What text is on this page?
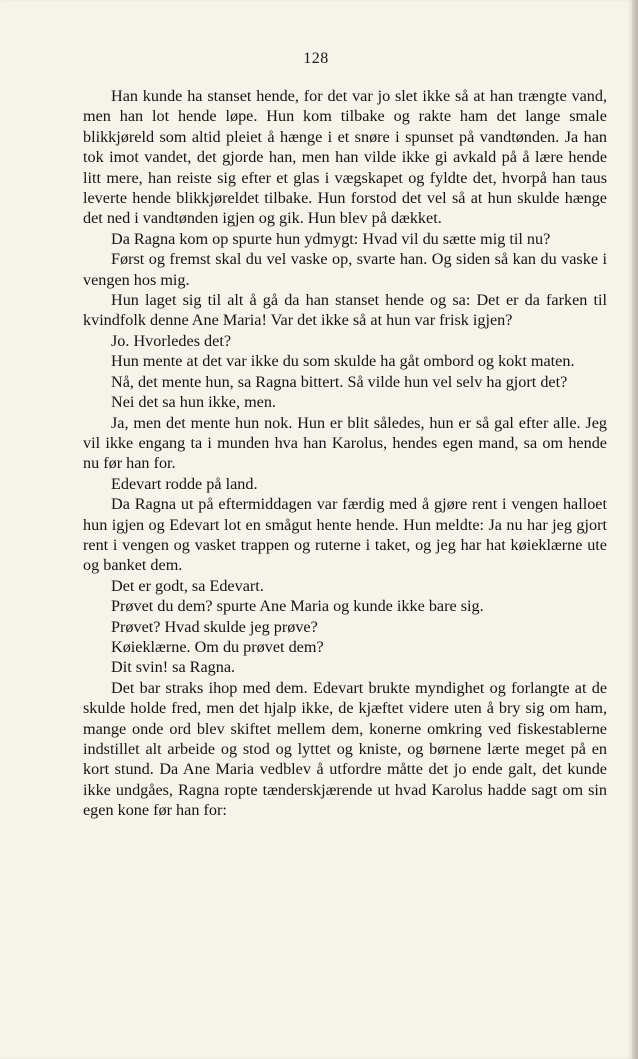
128

Han kunde ha stanset hende, for det var jo slet ikke så at han trængte vand, men han lot hende løpe. Hun kom tilbake og rakte ham det lange smale blikkjøreld som altid pleiet å hænge i et snøre i spunset på vandtønden. Ja han tok imot vandet, det gjorde han, men han vilde ikke gi avkald på å lære hende litt mere, han reiste sig efter et glas i vægskapet og fyldte det, hvorpå han taus leverte hende blikkjøreldet tilbake. Hun forstod det vel så at hun skulde hænge det ned i vandtønden igjen og gik. Hun blev på dækket.

Da Ragna kom op spurte hun ydmygt: Hvad vil du sætte mig til nu?

Først og fremst skal du vel vaske op, svarte han. Og siden så kan du vaske i vengen hos mig.

Hun laget sig til alt å gå da han stanset hende og sa: Det er da farken til kvindfolk denne Ane Maria! Var det ikke så at hun var frisk igjen?

Jo. Hvorledes det?

Hun mente at det var ikke du som skulde ha gåt ombord og kokt maten.

Nå, det mente hun, sa Ragna bittert. Så vilde hun vel selv ha gjort det?

Nei det sa hun ikke, men.

Ja, men det mente hun nok. Hun er blit således, hun er så gal efter alle. Jeg vil ikke engang ta i munden hva han Karolus, hendes egen mand, sa om hende nu før han for.

Edevart rodde på land.

Da Ragna ut på eftermiddagen var færdig med å gjøre rent i vengen halloet hun igjen og Edevart lot en smågut hente hende. Hun meldte: Ja nu har jeg gjort rent i vengen og vasket trappen og ruterne i taket, og jeg har hat køieklærne ute og banket dem.

Det er godt, sa Edevart.

Prøvet du dem? spurte Ane Maria og kunde ikke bare sig.

Prøvet? Hvad skulde jeg prøve?

Køieklærne. Om du prøvet dem?

Dit svin! sa Ragna.

Det bar straks ihop med dem. Edevart brukte myndighet og forlangte at de skulde holde fred, men det hjalp ikke, de kjæftet videre uten å bry sig om ham, mange onde ord blev skiftet mellem dem, konerne omkring ved fiskestablerne indstillet alt arbeide og stod og lyttet og kniste, og børnene lærte meget på en kort stund. Da Ane Maria vedblev å utfordre måtte det jo ende galt, det kunde ikke undgåes, Ragna ropte tænderskjærende ut hvad Karolus hadde sagt om sin egen kone før han for:
